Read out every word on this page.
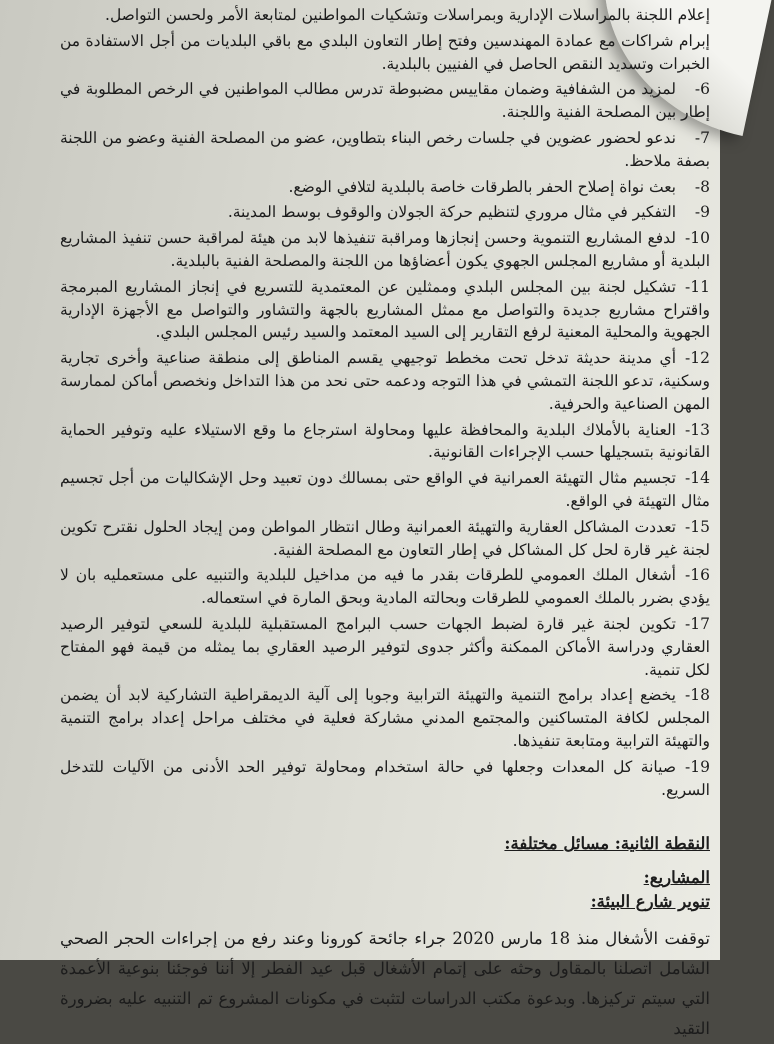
إعلام اللجنة بالمراسلات الإدارية وبمراسلات وتشكيات المواطنين لمتابعة الأمر ولحسن التواصل.
إبرام شراكات مع عمادة المهندسين وفتح إطار التعاون البلدي مع باقي البلديات من أجل الاستفادة من الخبرات وتسديد النقص الحاصل في الفنيين بالبلدية.
6-لمزيد من الشفافية وضمان مقاييس مضبوطة تدرس مطالب المواطنين في الرخص المطلوبة في إطار بين المصلحة الفنية واللجنة.
7-ندعو لحضور عضوين في جلسات رخص البناء بتطاوين، عضو من المصلحة الفنية وعضو من اللجنة بصفة ملاحظ.
8-بعث نواة إصلاح الحفر بالطرقات خاصة بالبلدية لتلافي الوضع.
9-التفكير في مثال مروري لتنظيم حركة الجولان والوقوف بوسط المدينة.
10-لدفع المشاريع التنموية وحسن إنجازها ومراقبة تنفيذها لابد من هيئة لمراقبة حسن تنفيذ المشاريع البلدية أو مشاريع المجلس الجهوي يكون أعضاؤها من اللجنة والمصلحة الفنية بالبلدية.
11-تشكيل لجنة بين المجلس البلدي وممثلين عن المعتمدية للتسريع في إنجاز المشاريع المبرمجة واقتراح مشاريع جديدة والتواصل مع ممثل المشاريع بالجهة والتشاور والتواصل مع الأجهزة الإدارية الجهوية والمحلية المعنية لرفع التقارير إلى السيد المعتمد والسيد رئيس المجلس البلدي.
12-أي مدينة حديثة تدخل تحت مخطط توجيهي يقسم المناطق إلى منطقة صناعية وأخرى تجارية وسكنية، تدعو اللجنة التمشي في هذا التوجه ودعمه حتى نحد من هذا التداخل ونخصص أماكن لممارسة المهن الصناعية والحرفية.
13-العناية بالأملاك البلدية والمحافظة عليها ومحاولة استرجاع ما وقع الاستيلاء عليه وتوفير الحماية القانونية بتسجيلها حسب الإجراءات القانونية.
14-تجسيم مثال التهيئة العمرانية في الواقع حتى بمسالك دون تعبيد وحل الإشكاليات من أجل تجسيم مثال التهيئة في الواقع.
15-تعددت المشاكل العقارية والتهيئة العمرانية وطال انتظار المواطن ومن إيجاد الحلول نقترح تكوين لجنة غير قارة لحل كل المشاكل في إطار التعاون مع المصلحة الفنية.
16-أشغال الملك العمومي للطرقات بقدر ما فيه من مداخيل للبلدية والتنبيه على مستعمليه بان لا يؤدي بضرر بالملك العمومي للطرقات وبحالته المادية وبحق المارة في استعماله.
17-تكوين لجنة غير قارة لضبط الجهات حسب البرامج المستقبلية للبلدية للسعي لتوفير الرصيد العقاري ودراسة الأماكن الممكنة وأكثر جدوى لتوفير الرصيد العقاري بما يمثله من قيمة فهو المفتاح لكل تنمية.
18-يخضع إعداد برامج التنمية والتهيئة الترابية وجوبا إلى آلية الديمقراطية التشاركية لابد أن يضمن المجلس لكافة المتساكنين والمجتمع المدني مشاركة فعلية في مختلف مراحل إعداد برامج التنمية والتهيئة الترابية ومتابعة تنفيذها.
19-صيانة كل المعدات وجعلها في حالة استخدام ومحاولة توفير الحد الأدنى من الآليات للتدخل السريع.

النقطة الثانية: مسائل مختلفة:

المشاريع:

تنوير شارع البيئة:

توقفت الأشغال منذ 18 مارس 2020 جراء جائحة كورونا وعند رفع من إجراءات الحجر الصحي الشامل اتصلنا بالمقاول وحثه على إتمام الأشغال قبل عيد الفطر إلا أننا فوجئنا بنوعية الأعمدة التي سيتم تركيزها. وبدعوة مكتب الدراسات لتثبت في مكونات المشروع تم التنبيه عليه بضرورة التقيد
